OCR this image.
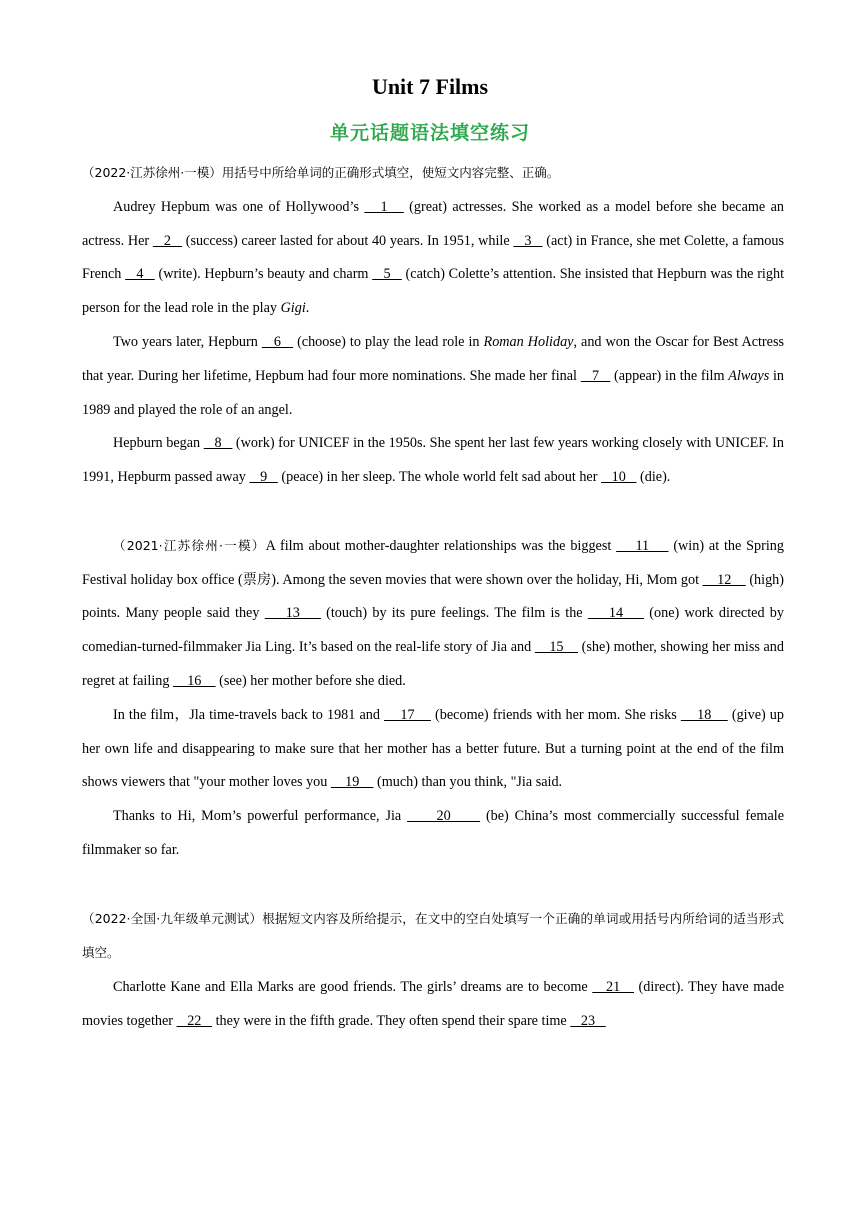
Unit 7 Films
单元话题语法填空练习

（2022·江苏徐州·一模）用括号中所给单词的正确形式填空，使短文内容完整、正确。

Audrey Hepbum was one of Hollywood’s    1    (great) actresses. She worked as a model before she became an actress. Her    2    (success) career lasted for about 40 years. In 1951, while    3    (act) in France, she met Colette, a famous French    4    (write). Hepburn’s beauty and charm    5    (catch) Colette’s attention. She insisted that Hepburn was the right person for the lead role in the play Gigi.

Two years later, Hepburn    6    (choose) to play the lead role in Roman Holiday, and won the Oscar for Best Actress that year. During her lifetime, Hepbum had four more nominations. She made her final    7    (appear) in the film Always in 1989 and played the role of an angel.

Hepburn began    8    (work) for UNICEF in the 1950s. She spent her last few years working closely with UNICEF. In 1991, Hepburm passed away    9    (peace) in her sleep. The whole world felt sad about her    10    (die).

（2021·江苏徐州·一模）A film about mother-daughter relationships was the biggest     11     (win) at the Spring Festival holiday box office (票房). Among the seven movies that were shown over the holiday, Hi, Mom got     12     (high) points. Many people said they     13     (touch) by its pure feelings. The film is the     14     (one) work directed by comedian-turned-filmmaker Jia Ling. It’s based on the real-life story of Jia and     15     (she) mother, showing her miss and regret at failing     16     (see) her mother before she died.

In the film，Jla time-travels back to 1981 and     17     (become) friends with her mom. She risks     18     (give) up her own life and disappearing to make sure that her mother has a better future. But a turning point at the end of the film shows viewers that "your mother loves you     19     (much) than you think, "Jia said.

Thanks to Hi, Mom’s powerful performance, Jia      20      (be) China’s most commercially successful female filmmaker so far.

（2022·全国·九年级单元测试）根据短文内容及所给提示，在文中的空白处填写一个正确的单词或用括号内所给词的适当形式填空。

Charlotte Kane and Ella Marks are good friends. The girls’ dreams are to become    21    (direct). They have made movies together    22    they were in the fifth grade. They often spend their spare time    23
